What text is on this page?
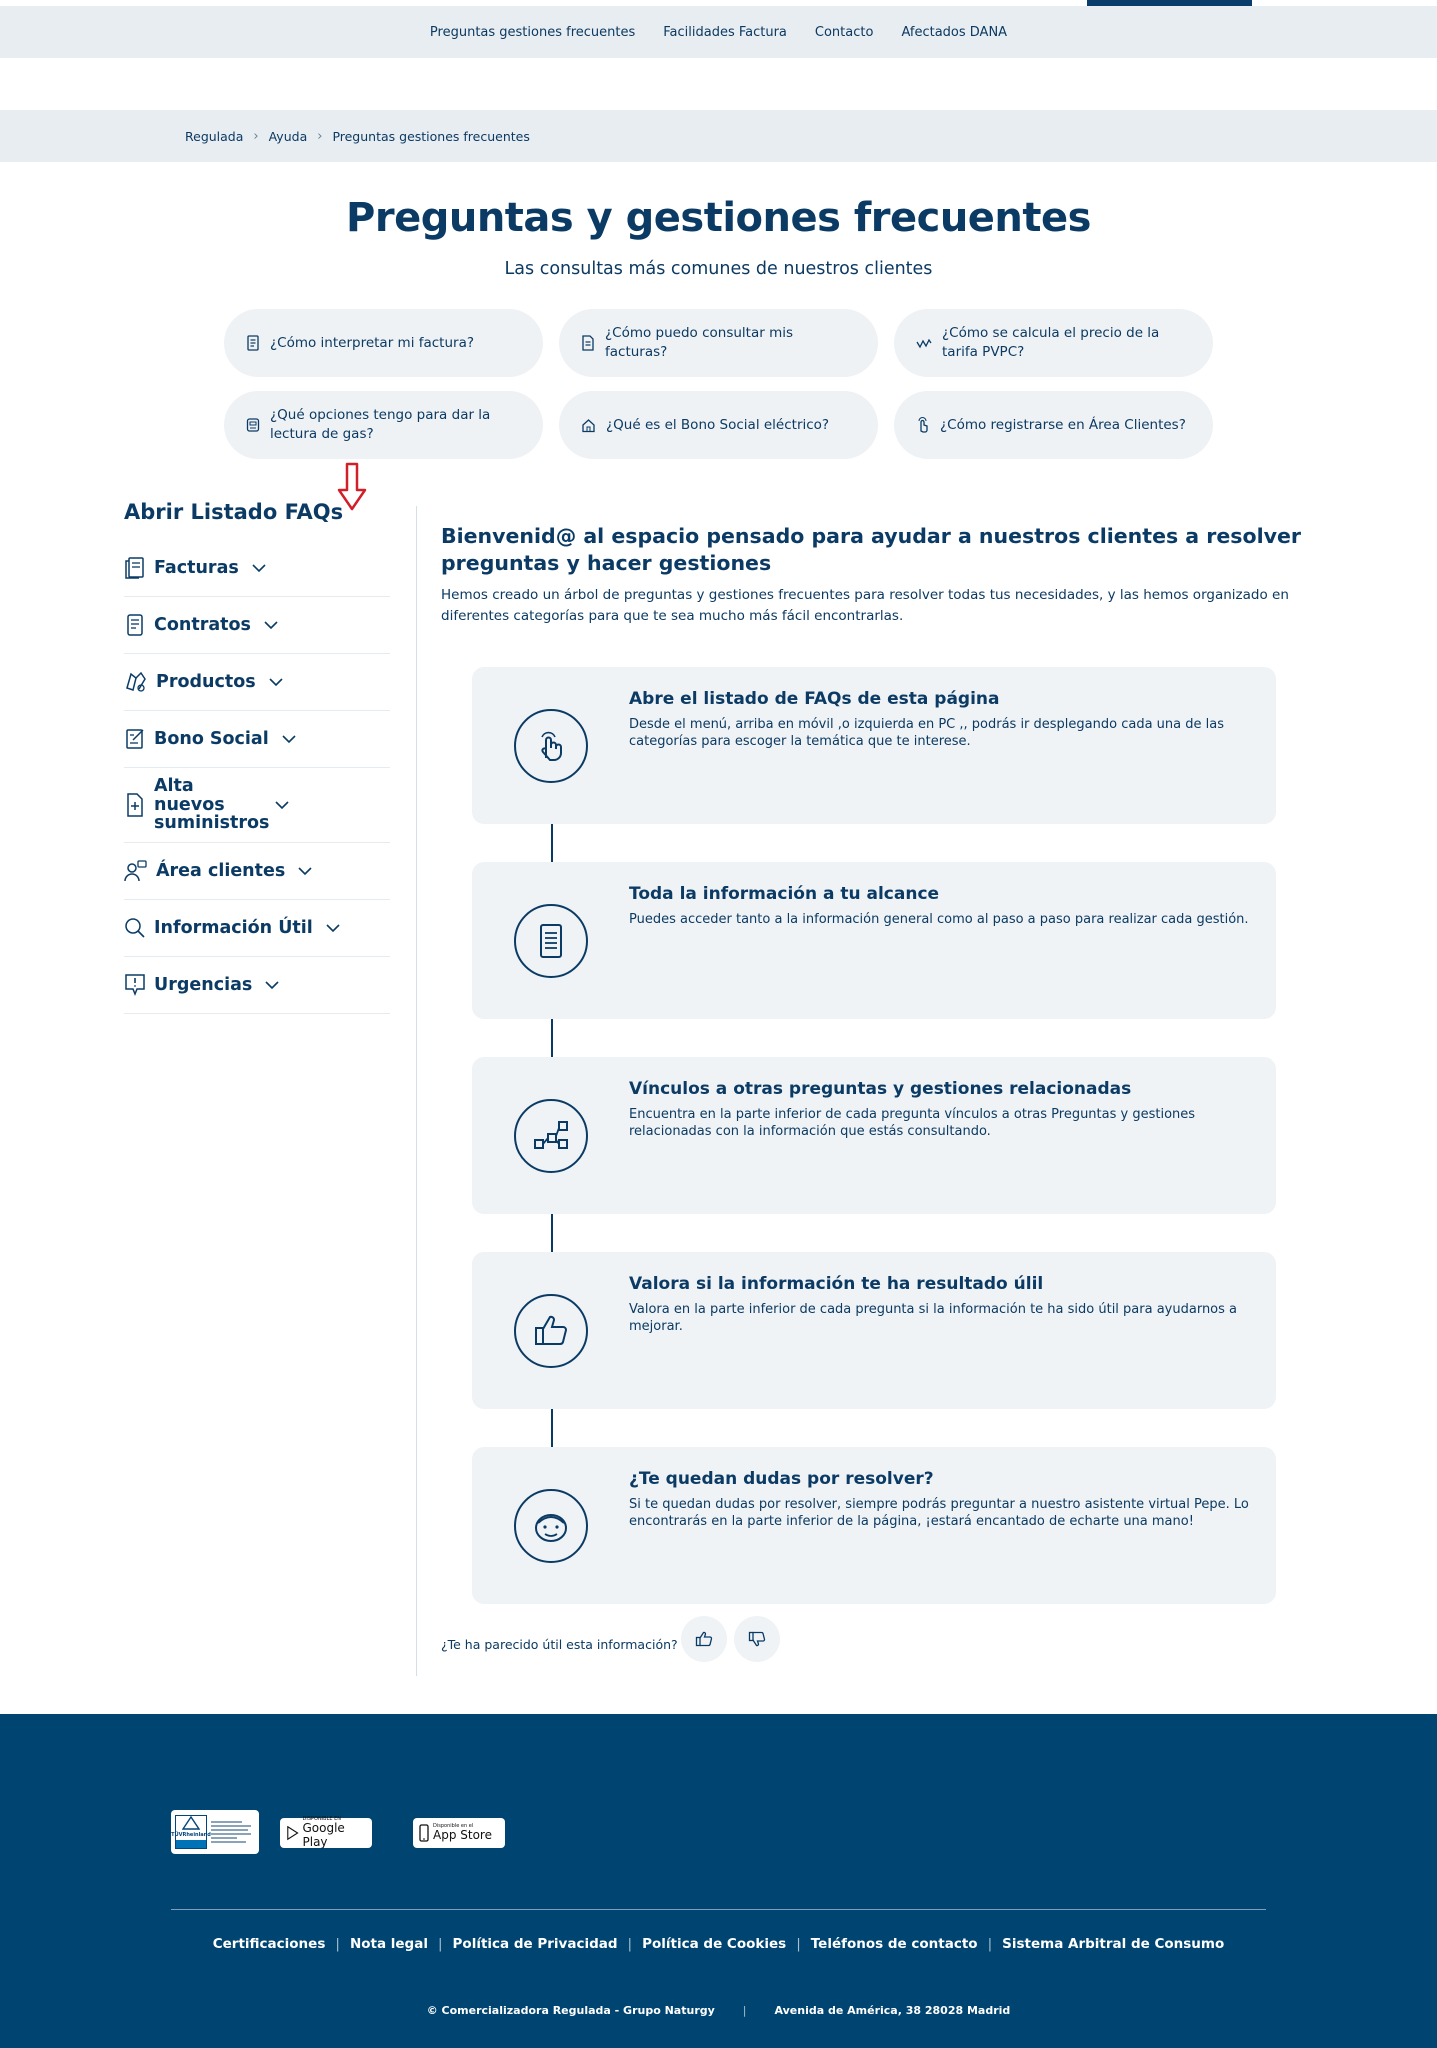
Preguntas gestiones frecuentes Facilidades Factura Contacto Afectados DANA
Regulada › Ayuda › Preguntas gestiones frecuentes
Preguntas y gestiones frecuentes

Las consultas más comunes de nuestros clientes

¿Cómo interpretar mi factura?
¿Cómo puedo consultar mis facturas?
¿Cómo se calcula el precio de la tarifa PVPC?
¿Qué opciones tengo para dar la lectura de gas?
¿Qué es el Bono Social eléctrico?	¿Cómo registrarse en Área Clientes?
Abrir Listado FAQs
Facturas
Contratos
Productos
Bono Social
Alta nuevos suministros
Área clientes
Información Útil
Urgencias
Bienvenid@ al espacio pensado para ayudar a nuestros clientes a resolver preguntas y hacer gestiones

Hemos creado un árbol de preguntas y gestiones frecuentes para resolver todas tus necesidades, y las hemos organizado en diferentes categorías para que te sea mucho más fácil encontrarlas.

Abre el listado de FAQs de esta página
Desde el menú, arriba en móvil ,o izquierda en PC ,, podrás ir desplegando cada una de las categorías para escoger la temática que te interese.
Toda la información a tu alcance
Puedes acceder tanto a la información general como al paso a paso para realizar cada gestión.
Vínculos a otras preguntas y gestiones relacionadas
Encuentra en la parte inferior de cada pregunta vínculos a otras Preguntas y gestiones relacionadas con la información que estás consultando.
Valora si la información te ha resultado úlil
Valora en la parte inferior de cada pregunta si la información te ha sido útil para ayudarnos a mejorar.
¿Te quedan dudas por resolver?
Si te quedan dudas por resolver, siempre podrás preguntar a nuestro asistente virtual Pepe. Lo encontrarás en la parte inferior de la página, ¡estará encantado de echarte una mano!
¿Te ha parecido útil esta información?
TÜVRheinland
DISPONIBLE EN
Google Play
Disponible en el
App Store
Certificaciones | Nota legal | Política de Privacidad | Política de Cookies | Teléfonos de contacto | Sistema Arbitral de Consumo
© Comercializadora Regulada - Grupo Naturgy	|	Avenida de América, 38 28028 Madrid
